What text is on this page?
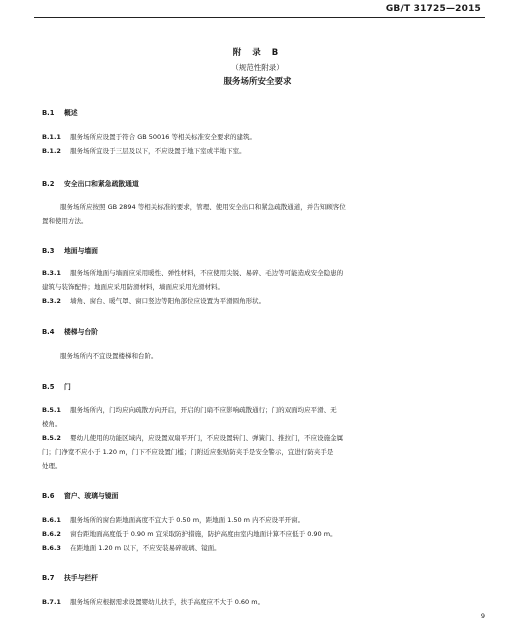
GB/T 31725—2015
附 录 B
（规范性附录）
服务场所安全要求
B.1 概述
B.1.1 服务场所应设置于符合 GB 50016 等相关标准安全要求的建筑。
B.1.2 服务场所宜设于三层及以下，不应设置于地下室或半地下室。
B.2 安全出口和紧急疏散通道
服务场所应按照 GB 2894 等相关标准的要求，管理、使用安全出口和紧急疏散通道，并告知顾客位
置和使用方法。
B.3 地面与墙面
B.3.1 服务场所地面与墙面应采用暖性、弹性材料，不应使用尖锐、易碎、毛边等可能造成安全隐患的
建筑与装饰配件；地面应采用防滑材料，墙面应采用光滑材料。
B.3.2 墙角、窗台、暖气罩、窗口竖边等阳角部位应设置为平滑圆角形状。
B.4 楼梯与台阶
服务场所内不宜设置楼梯和台阶。
B.5 门
B.5.1 服务场所内，门均应向疏散方向开启，开启的门扇不应影响疏散通行；门的双面均应平滑、无
棱角。
B.5.2 婴幼儿使用的功能区域内，应设置双扇平开门，不应设置转门、弹簧门、推拉门，不应设施金属
门；门净宽不应小于 1.20 m，门下不应设置门槛；门附近应张贴防夹手是安全警示，宜进行防夹手是
处理。
B.6 窗户、玻璃与镜面
B.6.1 服务场所的窗台距地面高度不宜大于 0.50 m，距地面 1.50 m 内不应设平开窗。
B.6.2 窗台距地面高度低于 0.90 m 宜采取防护措施，防护高度由室内地面计算不应低于 0.90 m。
B.6.3 在距地面 1.20 m 以下，不应安装易碎玻璃、镜面。
B.7 扶手与栏杆
B.7.1 服务场所应根据需求设置婴幼儿扶手，扶手高度应不大于 0.60 m。
9
